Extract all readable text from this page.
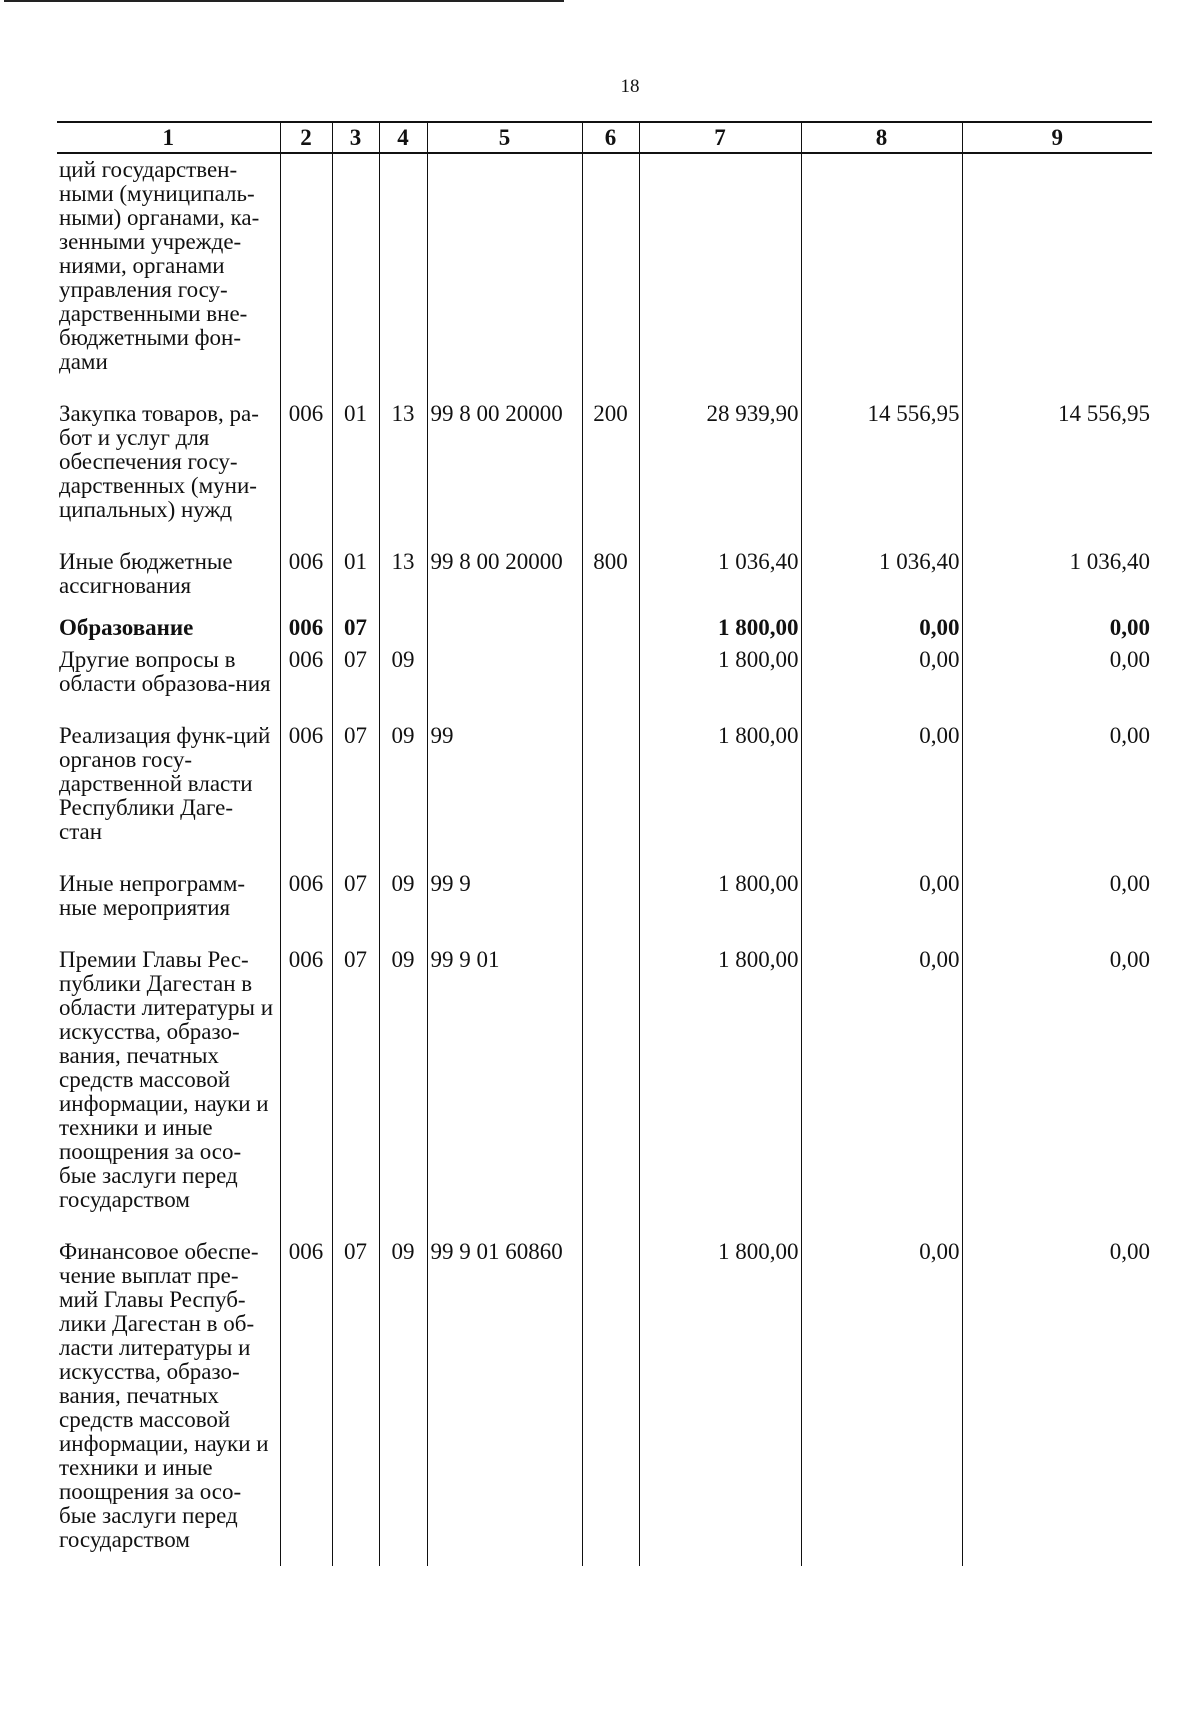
18
1	2	3	4	5	6	7	8	9

ций государствен-ными (муниципаль-ными) органами, ка-зенными учрежде-ниями, органами управления госу-дарственными вне-бюджетными фон-дами								

Закупка товаров, ра-бот и услуг для обеспечения госу-дарственных (муни-ципальных) нужд	006	01	13	99 8 00 20000	200	28 939,90	14 556,95	14 556,95

Иные бюджетные ассигнования	006	01	13	99 8 00 20000	800	1 036,40	1 036,40	1 036,40

Образование	006	07				1 800,00	0,00	0,00

Другие вопросы в области образова-ния	006	07	09			1 800,00	0,00	0,00

Реализация функ-ций органов госу-дарственной власти Республики Даге-стан	006	07	09	99		1 800,00	0,00	0,00

Иные непрограмм-ные мероприятия	006	07	09	99 9		1 800,00	0,00	0,00

Премии Главы Рес-публики Дагестан в области литературы и искусства, образо-вания, печатных средств массовой информации, науки и техники и иные поощрения за осо-бые заслуги перед государством	006	07	09	99 9 01		1 800,00	0,00	0,00

Финансовое обеспе-чение выплат пре-мий Главы Респуб-лики Дагестан в об-ласти литературы и искусства, образо-вания, печатных средств массовой информации, науки и техники и иные поощрения за осо-бые заслуги перед государством	006	07	09	99 9 01 60860		1 800,00	0,00	0,00
